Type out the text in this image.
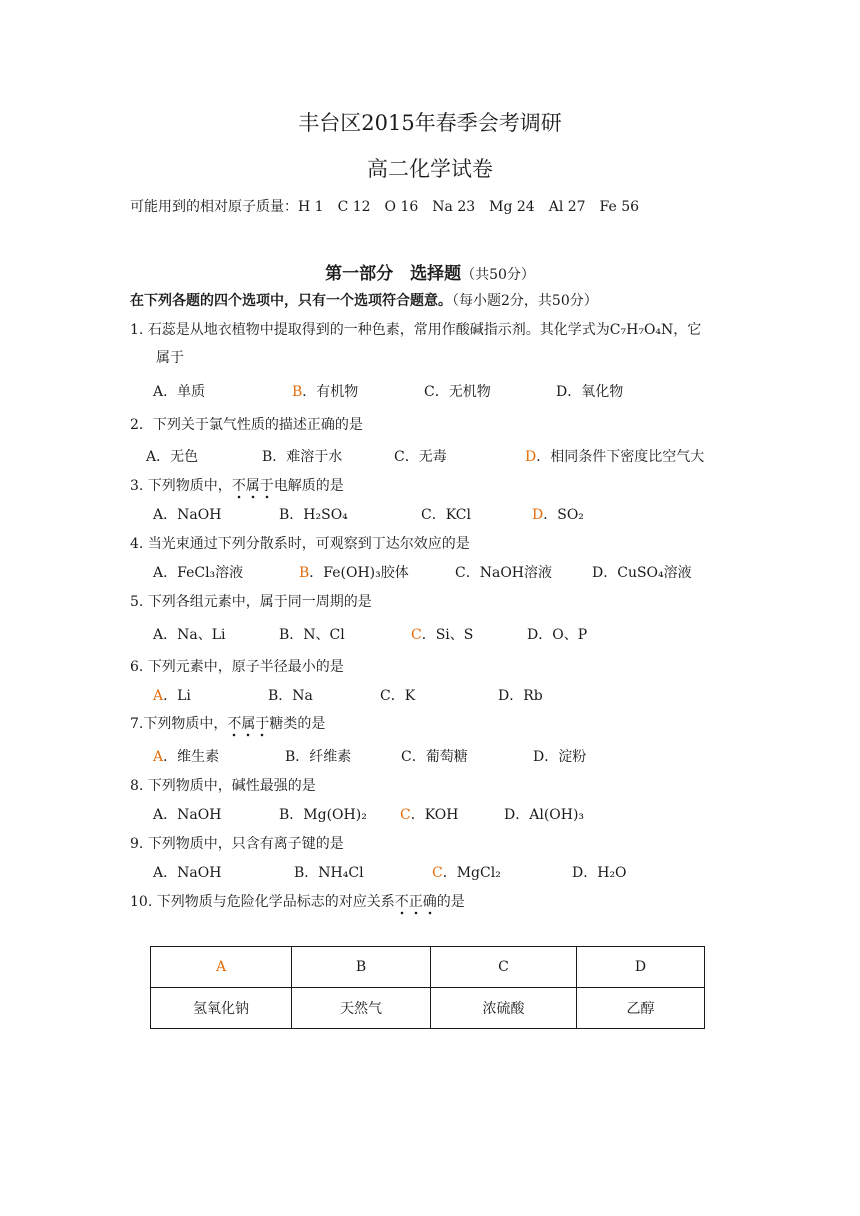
丰台区2015年春季会考调研
高二化学试卷
可能用到的相对原子质量：H 1　C 12　O 16　Na 23　Mg 24　Al 27　Fe 56
第一部分　选择题（共50分）
在下列各题的四个选项中，只有一个选项符合题意。（每小题2分，共50分）
1. 石蕊是从地衣植物中提取得到的一种色素，常用作酸碱指示剂。其化学式为C₇H₇O₄N，它
属于
A．单质	B．有机物	C．无机物	D．氧化物
2．下列关于氯气性质的描述正确的是
A．无色	B．难溶于水	C．无毒	D．相同条件下密度比空气大
3. 下列物质中，不属于电解质的是
A．NaOH	B．H₂SO₄	C．KCl	D．SO₂
4. 当光束通过下列分散系时，可观察到丁达尔效应的是
A．FeCl₃溶液	B．Fe(OH)₃胶体	C．NaOH溶液	D．CuSO₄溶液
5. 下列各组元素中，属于同一周期的是
A．Na、Li	B．N、Cl	C．Si、S	D．O、P
6. 下列元素中，原子半径最小的是
A．Li	B．Na	C．K	D．Rb
7.下列物质中，不属于糖类的是
A．维生素	B．纤维素	C．葡萄糖	D．淀粉
8. 下列物质中，碱性最强的是
A．NaOH	B．Mg(OH)₂ C．KOH	D．Al(OH)₃
9. 下列物质中，只含有离子键的是
A．NaOH	B．NH₄Cl	C．MgCl₂	D．H₂O
10. 下列物质与危险化学品标志的对应关系不正确的是
A	B	C	D
氢氧化钠	天然气	浓硫酸	乙醇
